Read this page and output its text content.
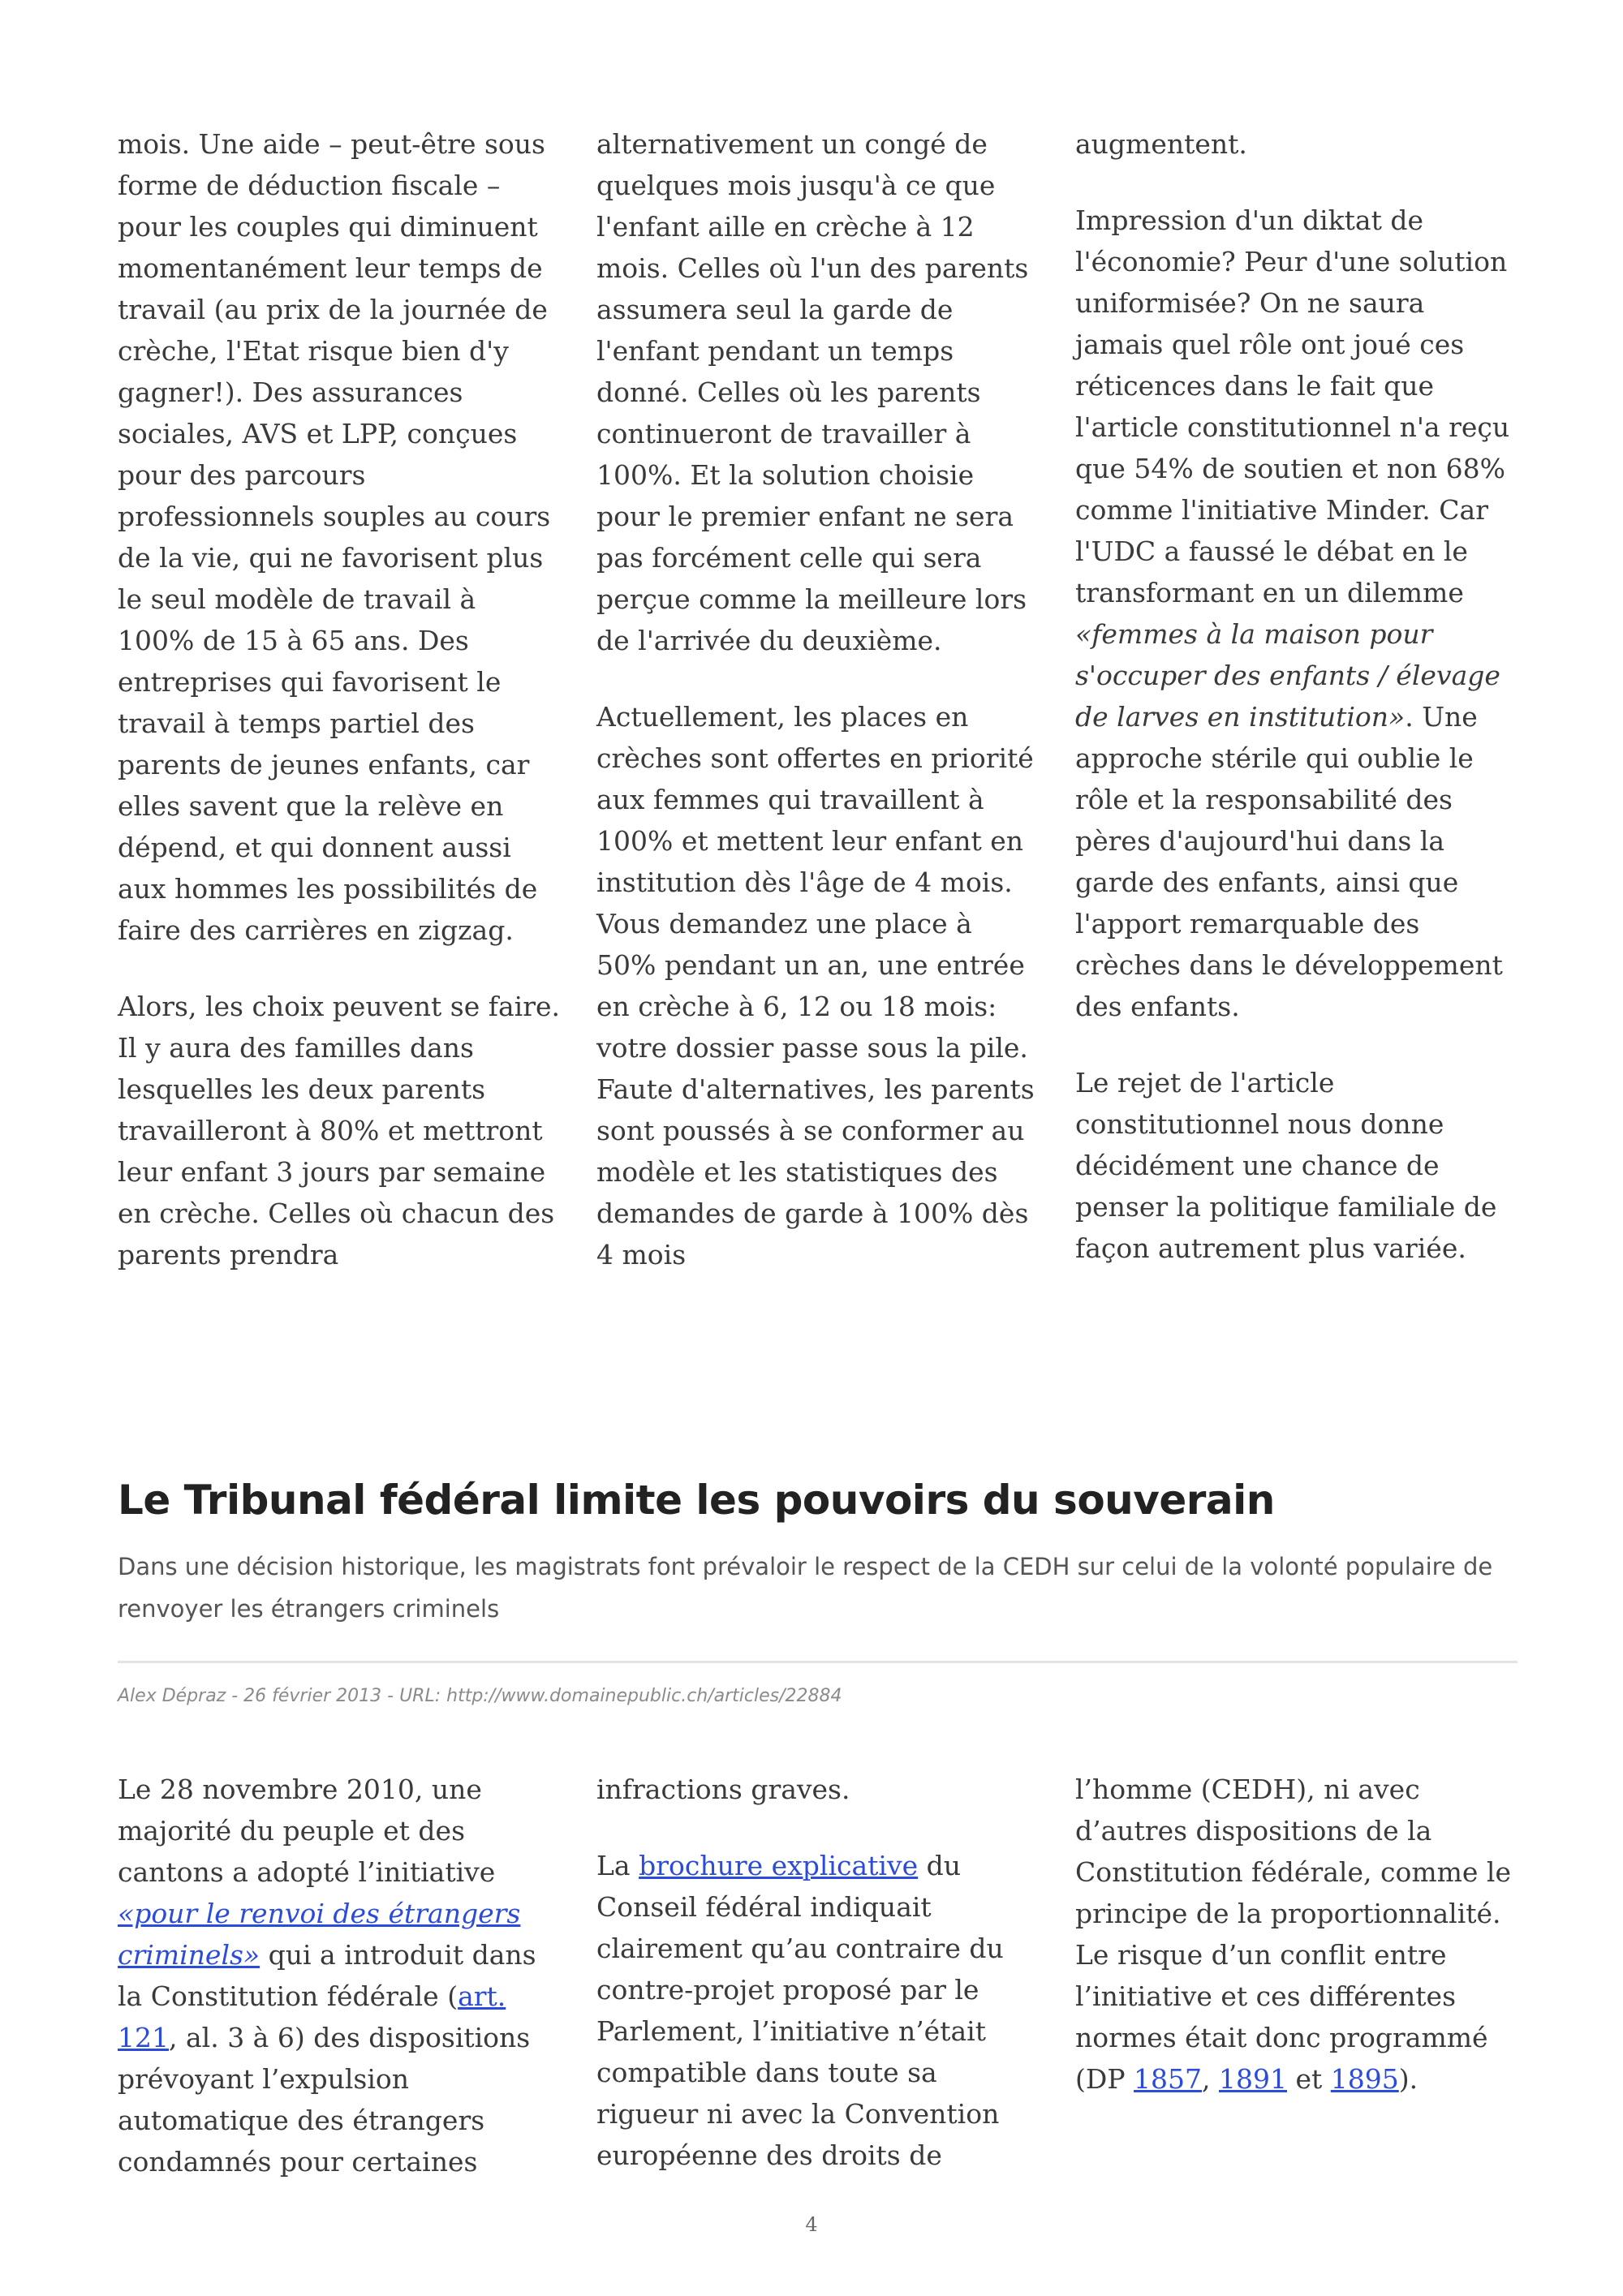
mois. Une aide – peut-être sous forme de déduction fiscale – pour les couples qui diminuent momentanément leur temps de travail (au prix de la journée de crèche, l'Etat risque bien d'y gagner!). Des assurances sociales, AVS et LPP, conçues pour des parcours professionnels souples au cours de la vie, qui ne favorisent plus le seul modèle de travail à 100% de 15 à 65 ans. Des entreprises qui favorisent le travail à temps partiel des parents de jeunes enfants, car elles savent que la relève en dépend, et qui donnent aussi aux hommes les possibilités de faire des carrières en zigzag.

Alors, les choix peuvent se faire. Il y aura des familles dans lesquelles les deux parents travailleront à 80% et mettront leur enfant 3 jours par semaine en crèche. Celles où chacun des parents prendra

alternativement un congé de quelques mois jusqu'à ce que l'enfant aille en crèche à 12 mois. Celles où l'un des parents assumera seul la garde de l'enfant pendant un temps donné. Celles où les parents continueront de travailler à 100%. Et la solution choisie pour le premier enfant ne sera pas forcément celle qui sera perçue comme la meilleure lors de l'arrivée du deuxième.

Actuellement, les places en crèches sont offertes en priorité aux femmes qui travaillent à 100% et mettent leur enfant en institution dès l'âge de 4 mois. Vous demandez une place à 50% pendant un an, une entrée en crèche à 6, 12 ou 18 mois: votre dossier passe sous la pile. Faute d'alternatives, les parents sont poussés à se conformer au modèle et les statistiques des demandes de garde à 100% dès 4 mois

augmentent.

Impression d'un diktat de l'économie? Peur d'une solution uniformisée? On ne saura jamais quel rôle ont joué ces réticences dans le fait que l'article constitutionnel n'a reçu que 54% de soutien et non 68% comme l'initiative Minder. Car l'UDC a faussé le débat en le transformant en un dilemme «femmes à la maison pour s'occuper des enfants / élevage de larves en institution». Une approche stérile qui oublie le rôle et la responsabilité des pères d'aujourd'hui dans la garde des enfants, ainsi que l'apport remarquable des crèches dans le développement des enfants.

Le rejet de l'article constitutionnel nous donne décidément une chance de penser la politique familiale de façon autrement plus variée.

Le Tribunal fédéral limite les pouvoirs du souverain

Dans une décision historique, les magistrats font prévaloir le respect de la CEDH sur celui de la volonté populaire de renvoyer les étrangers criminels

Alex Dépraz - 26 février 2013 - URL: http://www.domainepublic.ch/articles/22884

Le 28 novembre 2010, une majorité du peuple et des cantons a adopté l’initiative «pour le renvoi des étrangers criminels» qui a introduit dans la Constitution fédérale (art. 121, al. 3 à 6) des dispositions prévoyant l’expulsion automatique des étrangers condamnés pour certaines

infractions graves.

La brochure explicative du Conseil fédéral indiquait clairement qu’au contraire du contre-projet proposé par le Parlement, l’initiative n’était compatible dans toute sa rigueur ni avec la Convention européenne des droits de

l’homme (CEDH), ni avec d’autres dispositions de la Constitution fédérale, comme le principe de la proportionnalité. Le risque d’un conflit entre l’initiative et ces différentes normes était donc programmé (DP 1857, 1891 et 1895).

4
